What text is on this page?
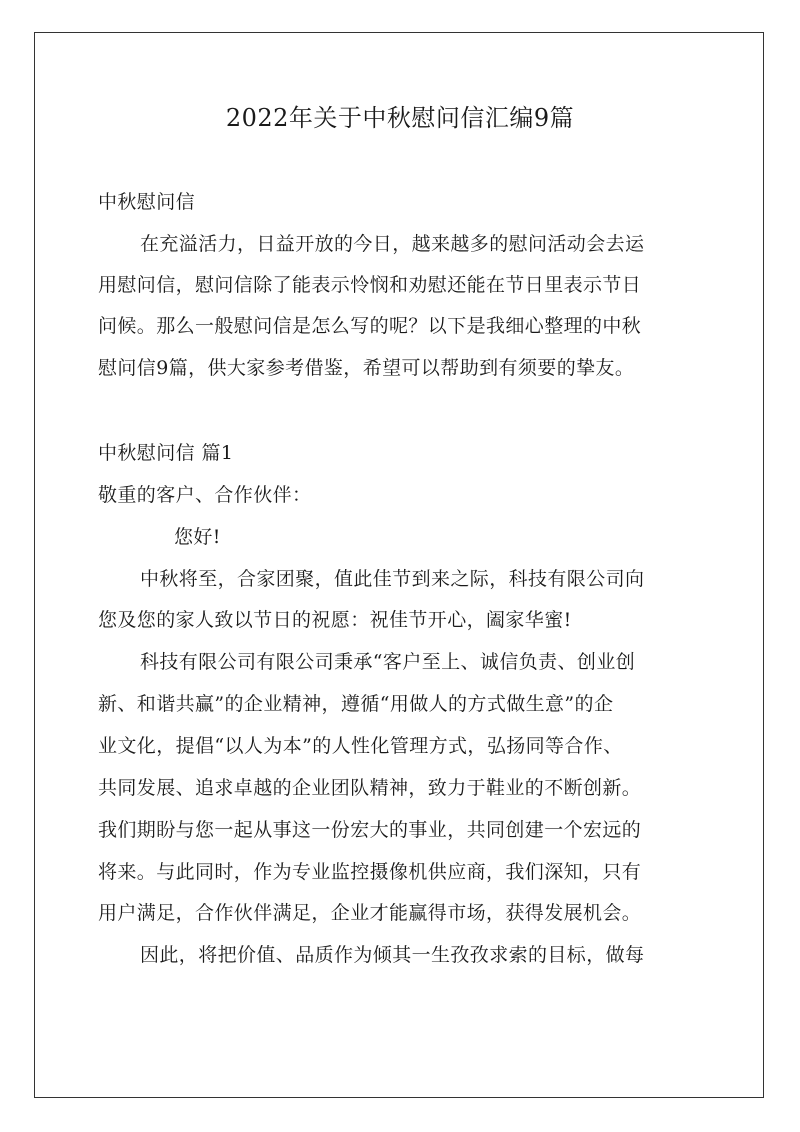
2022年关于中秋慰问信汇编9篇
中秋慰问信
在充溢活力，日益开放的今日，越来越多的慰问活动会去运
用慰问信，慰问信除了能表示怜悯和劝慰还能在节日里表示节日
问候。那么一般慰问信是怎么写的呢？以下是我细心整理的中秋
慰问信9篇，供大家参考借鉴，希望可以帮助到有须要的挚友。
中秋慰问信 篇1
敬重的客户、合作伙伴：
您好!
中秋将至，合家团聚，值此佳节到来之际，科技有限公司向
您及您的家人致以节日的祝愿：祝佳节开心，阖家华蜜!
科技有限公司有限公司秉承“客户至上、诚信负责、创业创
新、和谐共赢”的企业精神，遵循“用做人的方式做生意”的企
业文化，提倡“以人为本”的人性化管理方式，弘扬同等合作、
共同发展、追求卓越的企业团队精神，致力于鞋业的不断创新。
我们期盼与您一起从事这一份宏大的事业，共同创建一个宏远的
将来。与此同时，作为专业监控摄像机供应商，我们深知，只有
用户满足，合作伙伴满足，企业才能赢得市场，获得发展机会。
因此，将把价值、品质作为倾其一生孜孜求索的目标，做每
